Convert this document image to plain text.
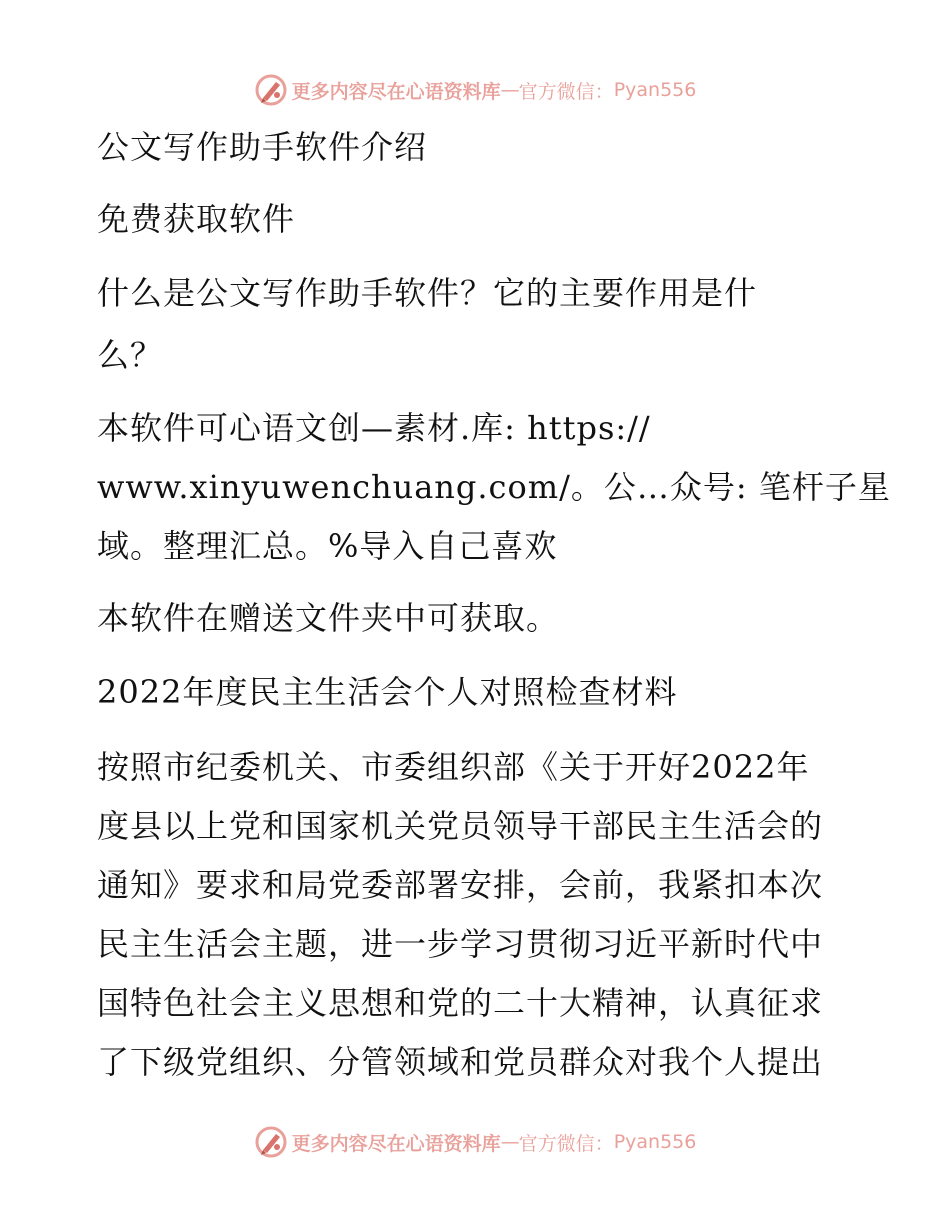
更多内容尽在心语资料库 — 官方微信： Pyan556
公文写作助手软件介绍
免费获取软件
什么是公文写作助手软件？它的主要作用是什
么？
本软件可心语文创—素材.库: https://
www.xinyuwenchuang.com/。公…众号: 笔杆子星
域。整理汇总。%导入自己喜欢
本软件在赠送文件夹中可获取。
2022年度民主生活会个人对照检查材料
按照市纪委机关、市委组织部《关于开好2022年
度县以上党和国家机关党员领导干部民主生活会的
通知》要求和局党委部署安排，会前，我紧扣本次
民主生活会主题，进一步学习贯彻习近平新时代中
国特色社会主义思想和党的二十大精神，认真征求
了下级党组织、分管领域和党员群众对我个人提出
更多内容尽在心语资料库 — 官方微信： Pyan556
